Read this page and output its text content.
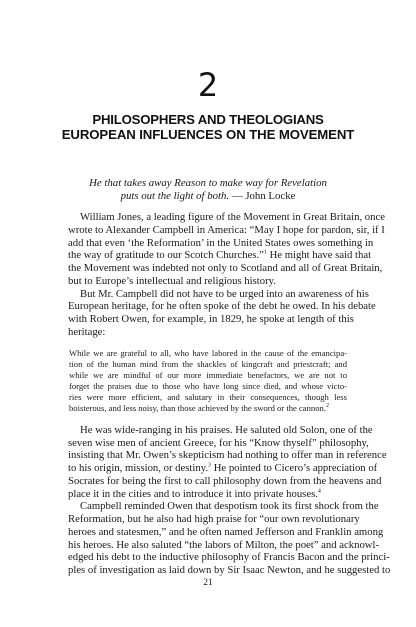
2
PHILOSOPHERS AND THEOLOGIANS
EUROPEAN INFLUENCES ON THE MOVEMENT
He that takes away Reason to make way for Revelation
puts out the light of both. — John Locke
William Jones, a leading figure of the Movement in Great Britain, once
wrote to Alexander Campbell in America: “May I hope for pardon, sir, if I
add that even ‘the Reformation’ in the United States owes something in
the way of gratitude to our Scotch Churches.”$^1$ He might have said that
the Movement was indebted not only to Scotland and all of Great Britain,
but to Europe’s intellectual and religious history.
But Mr. Campbell did not have to be urged into an awareness of his
European heritage, for he often spoke of the debt he owed. In his debate
with Robert Owen, for example, in 1829, he spoke at length of this
heritage:
While we are grateful to all, who have labored in the cause of the emancipa-
tion of the human mind from the shackles of kingcraft and priestcraft; and
while we are mindful of our more immediate benefactors, we are not to
forget the praises due to those who have long since died, and whose victo-
ries were more efficient, and salutary in their consequences, though less
boisterous, and less noisy, than those achieved by the sword or the cannon.$^2$
He was wide-ranging in his praises. He saluted old Solon, one of the
seven wise men of ancient Greece, for his “Know thyself” philosophy,
insisting that Mr. Owen’s skepticism had nothing to offer man in reference
to his origin, mission, or destiny.$^3$ He pointed to Cicero’s appreciation of
Socrates for being the first to call philosophy down from the heavens and
place it in the cities and to introduce it into private houses.$^4$
Campbell reminded Owen that despotism took its first shock from the
Reformation, but he also had high praise for “our own revolutionary
heroes and statesmen,” and he often named Jefferson and Franklin among
his heroes. He also saluted “the labors of Milton, the poet” and acknowl-
edged his debt to the inductive philosophy of Francis Bacon and the princi-
ples of investigation as laid down by Sir Isaac Newton, and he suggested to
21
